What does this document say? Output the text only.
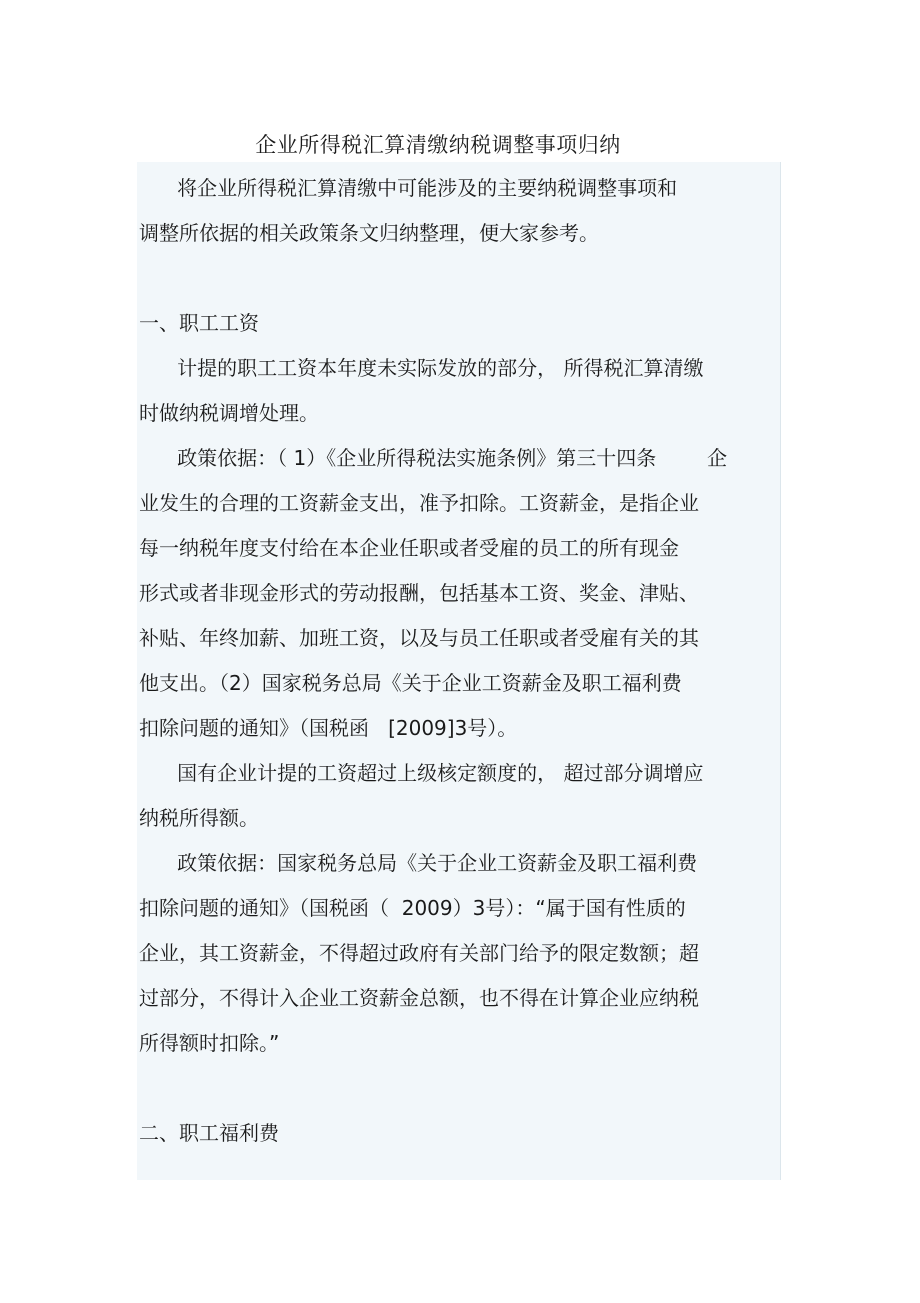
企业所得税汇算清缴纳税调整事项归纳

将企业所得税汇算清缴中可能涉及的主要纳税调整事项和

调整所依据的相关政策条文归纳整理，便大家参考。

一、职工工资

计提的职工工资本年度未实际发放的部分， 所得税汇算清缴

时做纳税调增处理。

政策依据：（ 1）《企业所得税法实施条例》第三十四条        企

业发生的合理的工资薪金支出，准予扣除。工资薪金，是指企业

每一纳税年度支付给在本企业任职或者受雇的员工的所有现金

形式或者非现金形式的劳动报酬，包括基本工资、奖金、津贴、

补贴、年终加薪、加班工资，以及与员工任职或者受雇有关的其

他支出。（2）国家税务总局《关于企业工资薪金及职工福利费

扣除问题的通知》（国税函   [2009]3号）。

国有企业计提的工资超过上级核定额度的， 超过部分调增应

纳税所得额。

政策依据：国家税务总局《关于企业工资薪金及职工福利费

扣除问题的通知》（国税函（  2009）3号）：“属于国有性质的

企业，其工资薪金，不得超过政府有关部门给予的限定数额；超

过部分，不得计入企业工资薪金总额，也不得在计算企业应纳税

所得额时扣除。”

二、职工福利费
